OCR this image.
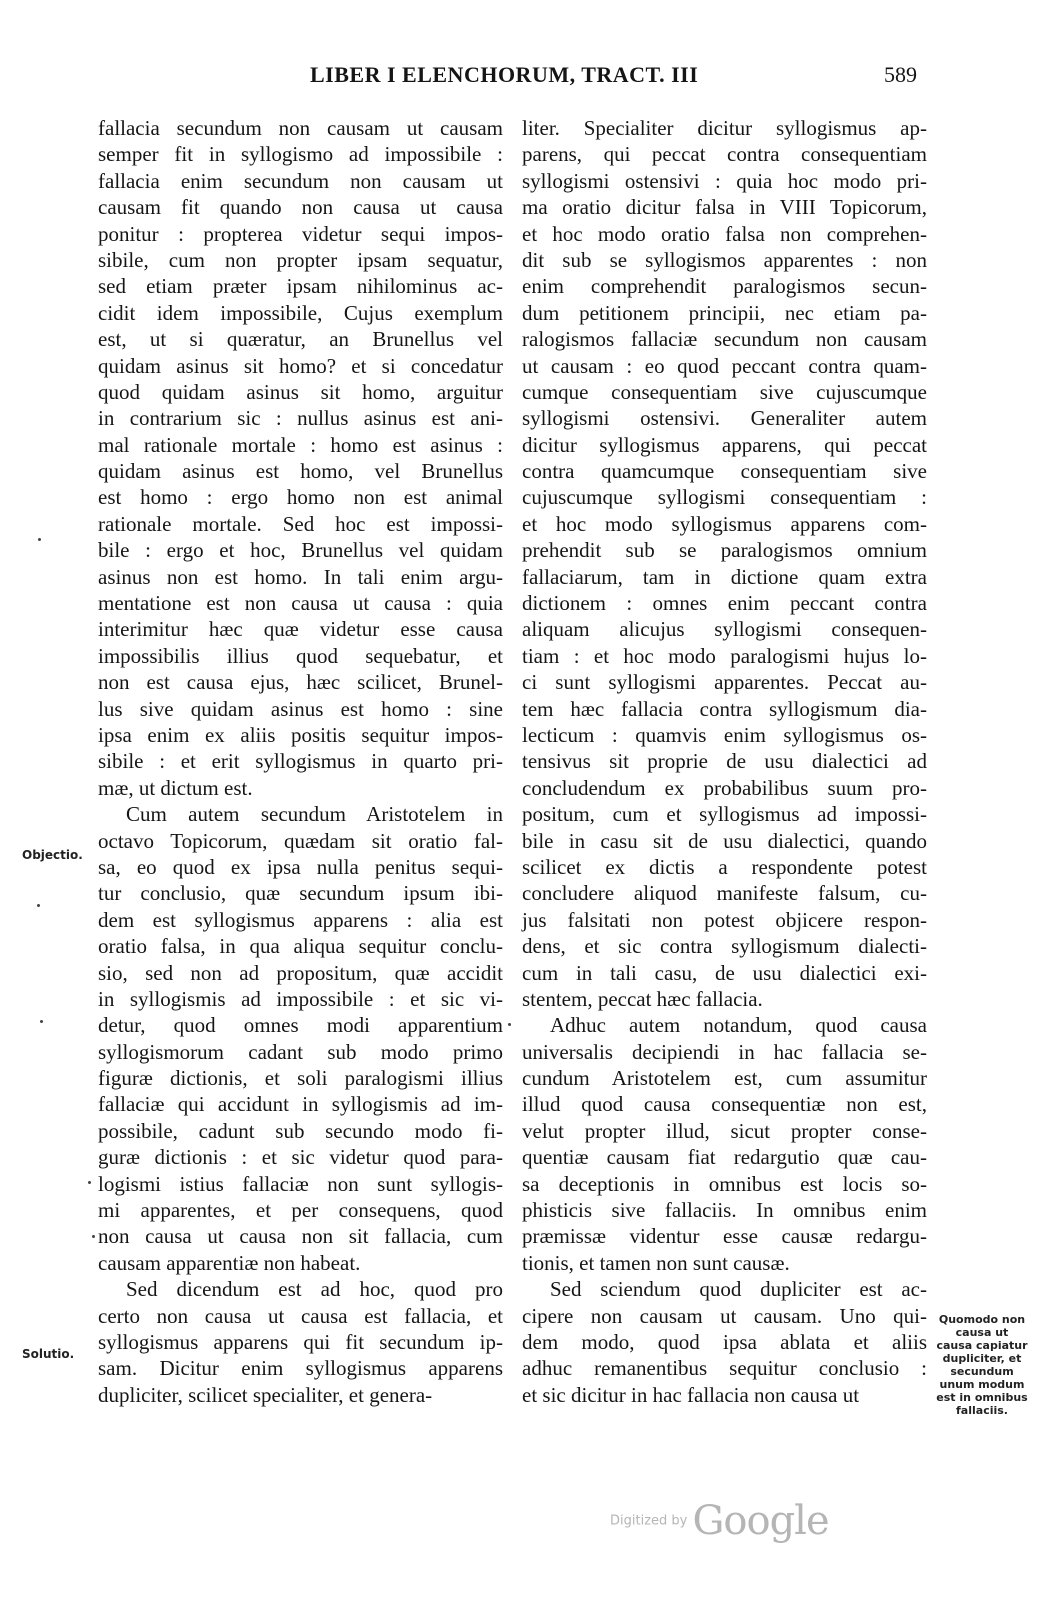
LIBER I ELENCHORUM, TRACT. III	589
fallacia secundum non causam ut causam
semper fit in syllogismo ad impossibile :
fallacia enim secundum non causam ut
causam fit quando non causa ut causa
ponitur : propterea videtur sequi impos-
sibile, cum non propter ipsam sequatur,
sed etiam præter ipsam nihilominus ac-
cidit idem impossibile, Cujus exemplum
est, ut si quæratur, an Brunellus vel
quidam asinus sit homo? et si concedatur
quod quidam asinus sit homo, arguitur
in contrarium sic : nullus asinus est ani-
mal rationale mortale : homo est asinus :
quidam asinus est homo, vel Brunellus
est homo : ergo homo non est animal
rationale mortale. Sed hoc est impossi-
bile : ergo et hoc, Brunellus vel quidam
asinus non est homo. In tali enim argu-
mentatione est non causa ut causa : quia
interimitur hæc quæ videtur esse causa
impossibilis illius quod sequebatur, et
non est causa ejus, hæc scilicet, Brunel-
lus sive quidam asinus est homo : sine
ipsa enim ex aliis positis sequitur impos-
sibile : et erit syllogismus in quarto pri-
mæ, ut dictum est.
Cum autem secundum Aristotelem in
octavo Topicorum, quædam sit oratio fal-
sa, eo quod ex ipsa nulla penitus sequi-
tur conclusio, quæ secundum ipsum ibi-
dem est syllogismus apparens : alia est
oratio falsa, in qua aliqua sequitur conclu-
sio, sed non ad propositum, quæ accidit
in syllogismis ad impossibile : et sic vi-
detur, quod omnes modi apparentium
syllogismorum cadant sub modo primo
figuræ dictionis, et soli paralogismi illius
fallaciæ qui accidunt in syllogismis ad im-
possibile, cadunt sub secundo modo fi-
guræ dictionis : et sic videtur quod para-
logismi istius fallaciæ non sunt syllogis-
mi apparentes, et per consequens, quod
non causa ut causa non sit fallacia, cum
causam apparentiæ non habeat.
Sed dicendum est ad hoc, quod pro
certo non causa ut causa est fallacia, et
syllogismus apparens qui fit secundum ip-
sam. Dicitur enim syllogismus apparens
dupliciter, scilicet specialiter, et genera-
liter. Specialiter dicitur syllogismus ap-
parens, qui peccat contra consequentiam
syllogismi ostensivi : quia hoc modo pri-
ma oratio dicitur falsa in VIII Topicorum,
et hoc modo oratio falsa non comprehen-
dit sub se syllogismos apparentes : non
enim comprehendit paralogismos secun-
dum petitionem principii, nec etiam pa-
ralogismos fallaciæ secundum non causam
ut causam : eo quod peccant contra quam-
cumque consequentiam sive cujuscumque
syllogismi ostensivi. Generaliter autem
dicitur syllogismus apparens, qui peccat
contra quamcumque consequentiam sive
cujuscumque syllogismi consequentiam :
et hoc modo syllogismus apparens com-
prehendit sub se paralogismos omnium
fallaciarum, tam in dictione quam extra
dictionem : omnes enim peccant contra
aliquam alicujus syllogismi consequen-
tiam : et hoc modo paralogismi hujus lo-
ci sunt syllogismi apparentes. Peccat au-
tem hæc fallacia contra syllogismum dia-
lecticum : quamvis enim syllogismus os-
tensivus sit proprie de usu dialectici ad
concludendum ex probabilibus suum pro-
positum, cum et syllogismus ad impossi-
bile in casu sit de usu dialectici, quando
scilicet ex dictis a respondente potest
concludere aliquod manifeste falsum, cu-
jus falsitati non potest objicere respon-
dens, et sic contra syllogismum dialecti-
cum in tali casu, de usu dialectici exi-
stentem, peccat hæc fallacia.
Adhuc autem notandum, quod causa
universalis decipiendi in hac fallacia se-
cundum Aristotelem est, cum assumitur
illud quod causa consequentiæ non est,
velut propter illud, sicut propter conse-
quentiæ causam fiat redargutio quæ cau-
sa deceptionis in omnibus est locis so-
phisticis sive fallaciis. In omnibus enim
præmissæ videntur esse causæ redargu-
tionis, et tamen non sunt causæ.
Sed sciendum quod dupliciter est ac-
cipere non causam ut causam. Uno qui-
dem modo, quod ipsa ablata et aliis
adhuc remanentibus sequitur conclusio :
et sic dicitur in hac fallacia non causa ut
Objectio.
Solutio.
Quomodo non causa ut causa capiatur dupliciter, et secundum unum modum est in omnibus fallaciis.
Digitized by Google
